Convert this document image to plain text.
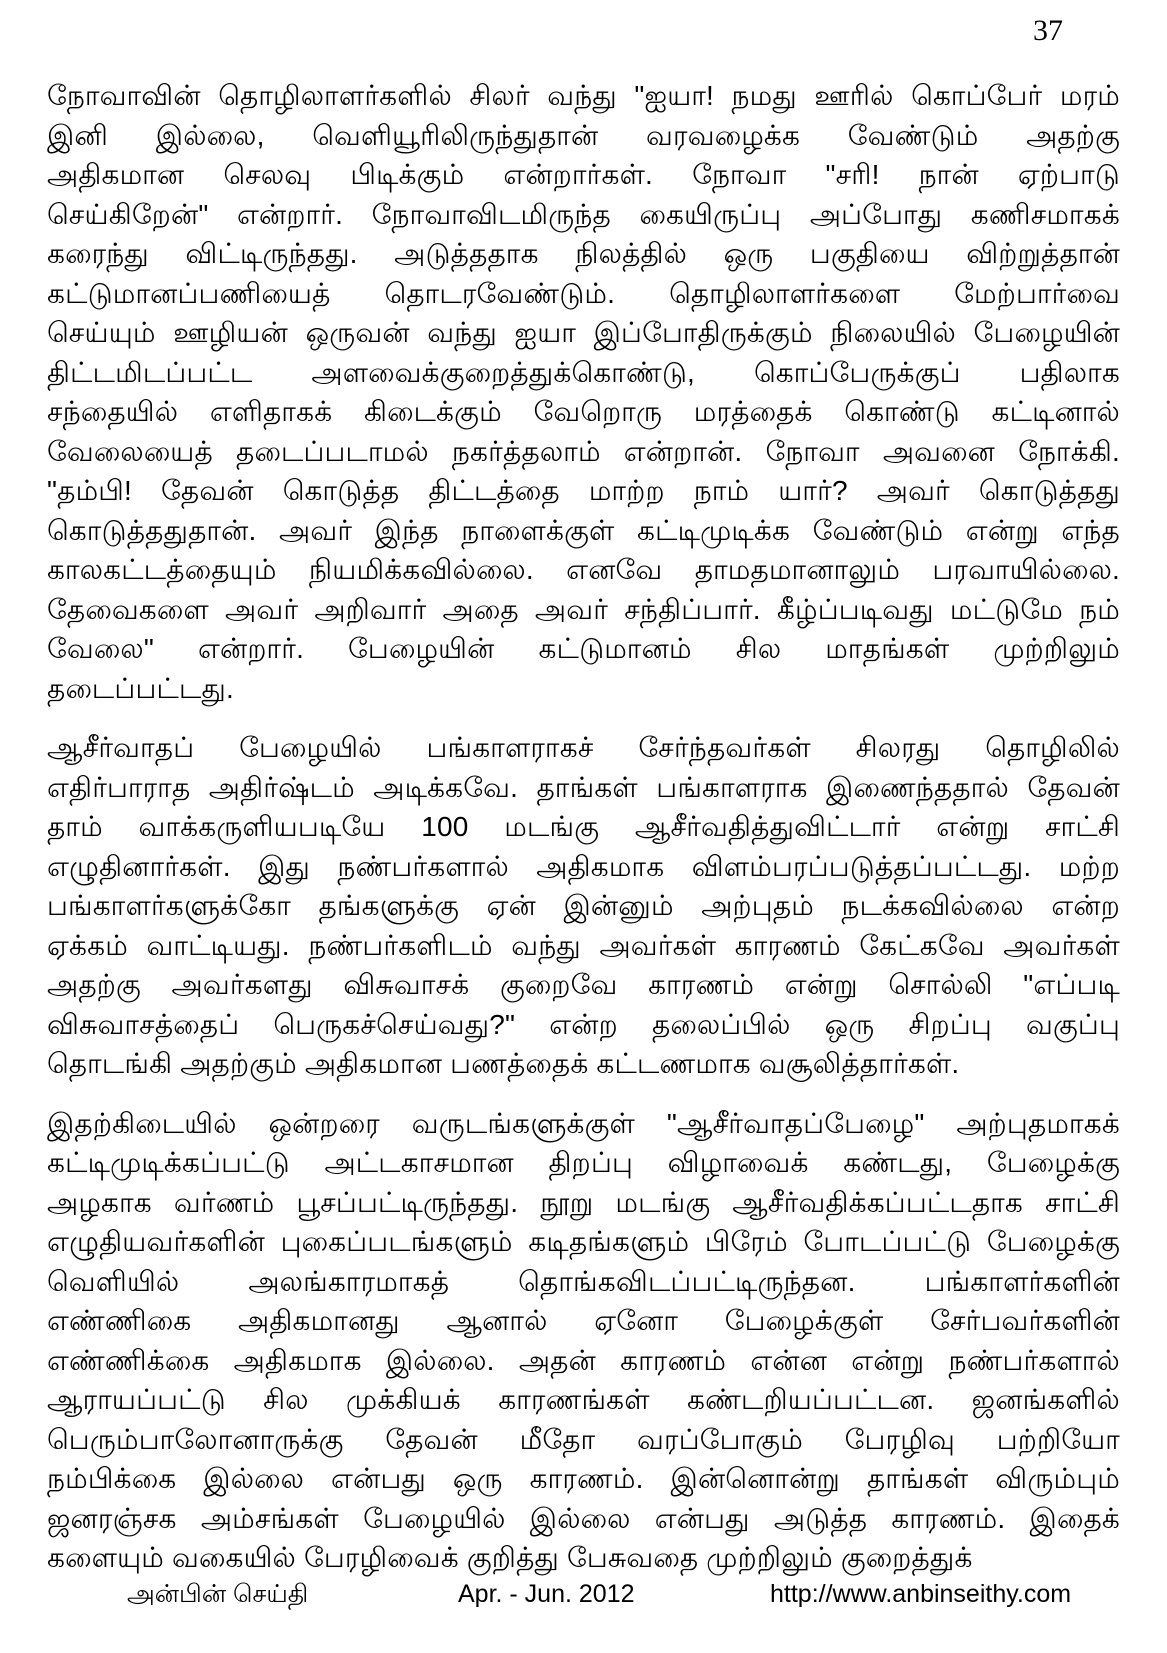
37
நோவாவின் தொழிலாளர்களில் சிலர் வந்து "ஐயா! நமது ஊரில் கொப்பேர் மரம்
இனி இல்லை, வெளியூரிலிருந்துதான் வரவழைக்க வேண்டும் அதற்கு
அதிகமான செலவு பிடிக்கும் என்றார்கள். நோவா "சரி! நான் ஏற்பாடு
செய்கிறேன்" என்றார். நோவாவிடமிருந்த கையிருப்பு அப்போது கணிசமாகக்
கரைந்து விட்டிருந்தது. அடுத்ததாக நிலத்தில் ஒரு பகுதியை விற்றுத்தான்
கட்டுமானப்பணியைத் தொடரவேண்டும். தொழிலாளர்களை மேற்பார்வை
செய்யும் ஊழியன் ஒருவன் வந்து ஐயா இப்போதிருக்கும் நிலையில் பேழையின்
திட்டமிடப்பட்ட அளவைக்குறைத்துக்கொண்டு, கொப்பேருக்குப் பதிலாக
சந்தையில் எளிதாகக் கிடைக்கும் வேறொரு மரத்தைக் கொண்டு கட்டினால்
வேலையைத் தடைப்படாமல் நகர்த்தலாம் என்றான். நோவா அவனை நோக்கி.
"தம்பி! தேவன் கொடுத்த திட்டத்தை மாற்ற நாம் யார்? அவர் கொடுத்தது
கொடுத்ததுதான். அவர் இந்த நாளைக்குள் கட்டிமுடிக்க வேண்டும் என்று எந்த
காலகட்டத்தையும் நியமிக்கவில்லை. எனவே தாமதமானாலும் பரவாயில்லை.
தேவைகளை அவர் அறிவார் அதை அவர் சந்திப்பார். கீழ்ப்படிவது மட்டுமே நம்
வேலை" என்றார். பேழையின் கட்டுமானம் சில மாதங்கள் முற்றிலும்
தடைப்பட்டது.
ஆசீர்வாதப் பேழையில் பங்காளராகச் சேர்ந்தவர்கள் சிலரது தொழிலில்
எதிர்பாராத அதிர்ஷ்டம் அடிக்கவே. தாங்கள் பங்காளராக இணைந்ததால் தேவன்
தாம் வாக்கருளியபடியே 100 மடங்கு ஆசீர்வதித்துவிட்டார் என்று சாட்சி
எழுதினார்கள். இது நண்பர்களால் அதிகமாக விளம்பரப்படுத்தப்பட்டது. மற்ற
பங்காளர்களுக்கோ தங்களுக்கு ஏன் இன்னும் அற்புதம் நடக்கவில்லை என்ற
ஏக்கம் வாட்டியது. நண்பர்களிடம் வந்து அவர்கள் காரணம் கேட்கவே அவர்கள்
அதற்கு அவர்களது விசுவாசக் குறைவே காரணம் என்று சொல்லி "எப்படி
விசுவாசத்தைப் பெருகச்செய்வது?" என்ற தலைப்பில் ஒரு சிறப்பு வகுப்பு
தொடங்கி அதற்கும் அதிகமான பணத்தைக் கட்டணமாக வசூலித்தார்கள்.
இதற்கிடையில் ஒன்றரை வருடங்களுக்குள் "ஆசீர்வாதப்பேழை" அற்புதமாகக்
கட்டிமுடிக்கப்பட்டு அட்டகாசமான திறப்பு விழாவைக் கண்டது, பேழைக்கு
அழகாக வர்ணம் பூசப்பட்டிருந்தது. நூறு மடங்கு ஆசீர்வதிக்கப்பட்டதாக சாட்சி
எழுதியவர்களின் புகைப்படங்களும் கடிதங்களும் பிரேம் போடப்பட்டு பேழைக்கு
வெளியில் அலங்காரமாகத் தொங்கவிடப்பட்டிருந்தன. பங்காளர்களின்
எண்ணிகை அதிகமானது ஆனால் ஏனோ பேழைக்குள் சேர்பவர்களின்
எண்ணிக்கை அதிகமாக இல்லை. அதன் காரணம் என்ன என்று நண்பர்களால்
ஆராயப்பட்டு சில முக்கியக் காரணங்கள் கண்டறியப்பட்டன. ஜனங்களில்
பெரும்பாலோனாருக்கு தேவன் மீதோ வரப்போகும் பேரழிவு பற்றியோ
நம்பிக்கை இல்லை என்பது ஒரு காரணம். இன்னொன்று தாங்கள் விரும்பும்
ஜனரஞ்சக அம்சங்கள் பேழையில் இல்லை என்பது அடுத்த காரணம். இதைக்
களையும் வகையில் பேரழிவைக் குறித்து பேசுவதை முற்றிலும் குறைத்துக்
அன்பின் செய்தி	Apr. - Jun. 2012	http://www.anbinseithy.com
